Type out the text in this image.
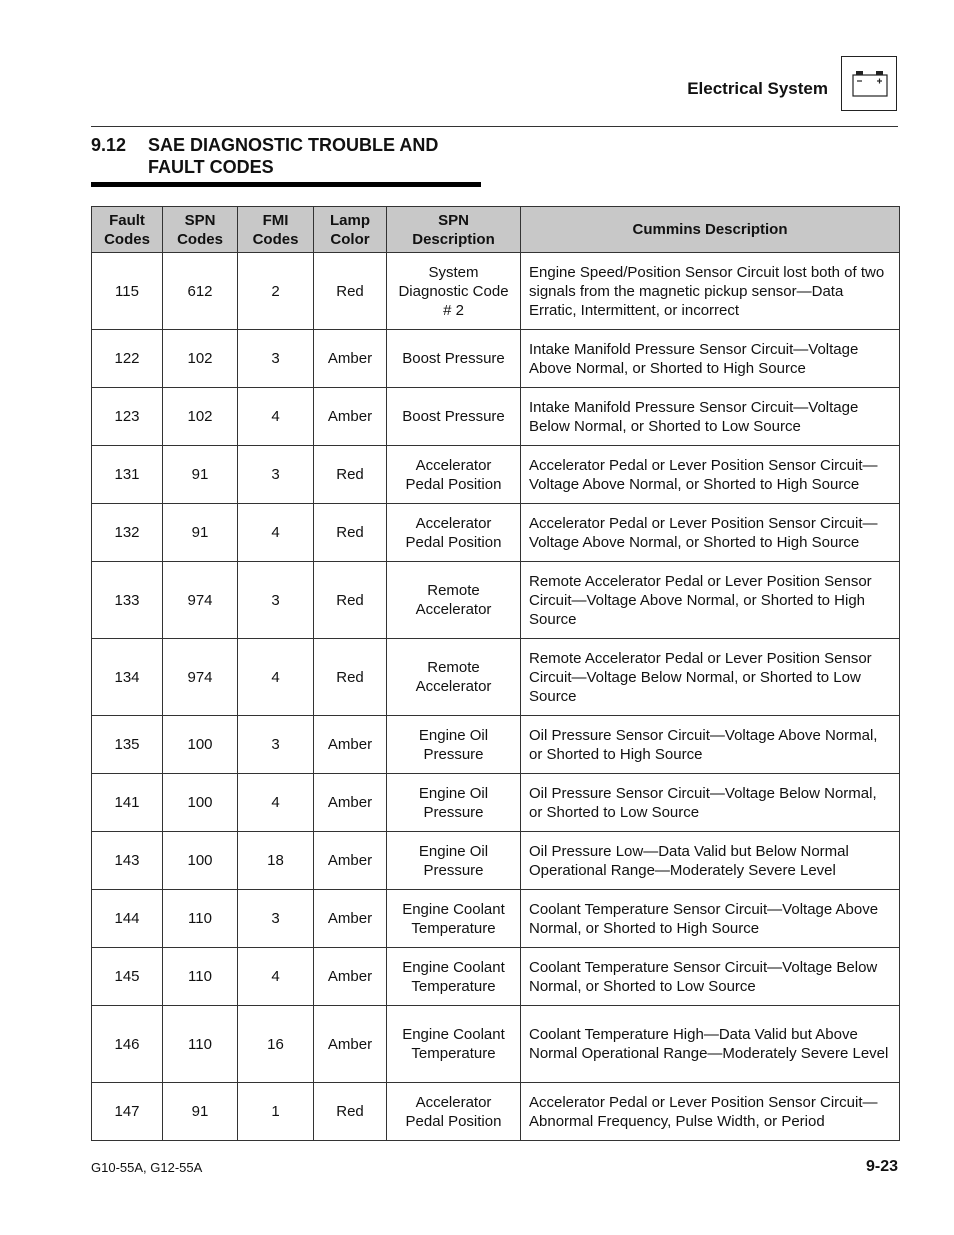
Electrical System
9.12 SAE DIAGNOSTIC TROUBLE AND FAULT CODES
Fault Codes	SPN Codes	FMI Codes	Lamp Color	SPN Description	Cummins Description
115	612	2	Red	System Diagnostic Code # 2	Engine Speed/Position Sensor Circuit lost both of two signals from the magnetic pickup sensor—Data Erratic, Intermittent, or incorrect
122	102	3	Amber	Boost Pressure	Intake Manifold Pressure Sensor Circuit—Voltage Above Normal, or Shorted to High Source
123	102	4	Amber	Boost Pressure	Intake Manifold Pressure Sensor Circuit—Voltage Below Normal, or Shorted to Low Source
131	91	3	Red	Accelerator Pedal Position	Accelerator Pedal or Lever Position Sensor Circuit—Voltage Above Normal, or Shorted to High Source
132	91	4	Red	Accelerator Pedal Position	Accelerator Pedal or Lever Position Sensor Circuit—Voltage Above Normal, or Shorted to High Source
133	974	3	Red	Remote Accelerator	Remote Accelerator Pedal or Lever Position Sensor Circuit—Voltage Above Normal, or Shorted to High Source
134	974	4	Red	Remote Accelerator	Remote Accelerator Pedal or Lever Position Sensor Circuit—Voltage Below Normal, or Shorted to Low Source
135	100	3	Amber	Engine Oil Pressure	Oil Pressure Sensor Circuit—Voltage Above Normal, or Shorted to High Source
141	100	4	Amber	Engine Oil Pressure	Oil Pressure Sensor Circuit—Voltage Below Normal, or Shorted to Low Source
143	100	18	Amber	Engine Oil Pressure	Oil Pressure Low—Data Valid but Below Normal Operational Range—Moderately Severe Level
144	110	3	Amber	Engine Coolant Temperature	Coolant Temperature Sensor Circuit—Voltage Above Normal, or Shorted to High Source
145	110	4	Amber	Engine Coolant Temperature	Coolant Temperature Sensor Circuit—Voltage Below Normal, or Shorted to Low Source
146	110	16	Amber	Engine Coolant Temperature	Coolant Temperature High—Data Valid but Above Normal Operational Range—Moderately Severe Level
147	91	1	Red	Accelerator Pedal Position	Accelerator Pedal or Lever Position Sensor Circuit—Abnormal Frequency, Pulse Width, or Period
G10-55A, G12-55A	9-23
